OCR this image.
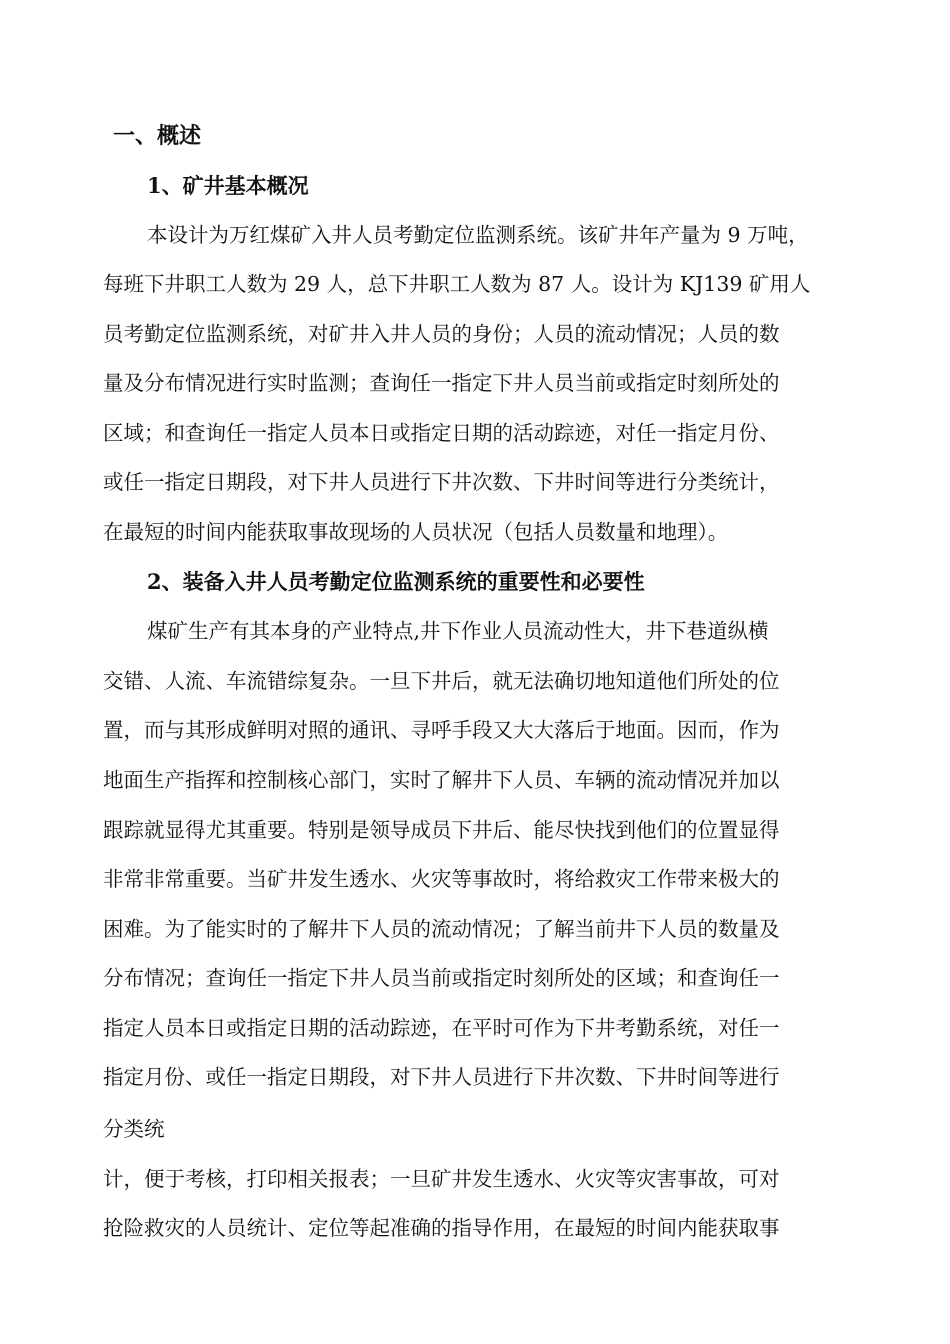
一、概述
1、矿井基本概况
本设计为万红煤矿入井人员考勤定位监测系统。该矿井年产量为 9 万吨，
每班下井职工人数为 29 人，总下井职工人数为 87 人。设计为 KJ139 矿用人
员考勤定位监测系统，对矿井入井人员的身份；人员的流动情况；人员的数
量及分布情况进行实时监测；查询任一指定下井人员当前或指定时刻所处的
区域；和查询任一指定人员本日或指定日期的活动踪迹，对任一指定月份、
或任一指定日期段，对下井人员进行下井次数、下井时间等进行分类统计，
在最短的时间内能获取事故现场的人员状况（包括人员数量和地理）。
2、装备入井人员考勤定位监测系统的重要性和必要性
煤矿生产有其本身的产业特点,井下作业人员流动性大，井下巷道纵横
交错、人流、车流错综复杂。一旦下井后，就无法确切地知道他们所处的位
置，而与其形成鲜明对照的通讯、寻呼手段又大大落后于地面。因而，作为
地面生产指挥和控制核心部门，实时了解井下人员、车辆的流动情况并加以
跟踪就显得尤其重要。特别是领导成员下井后、能尽快找到他们的位置显得
非常非常重要。当矿井发生透水、火灾等事故时，将给救灾工作带来极大的
困难。为了能实时的了解井下人员的流动情况；了解当前井下人员的数量及
分布情况；查询任一指定下井人员当前或指定时刻所处的区域；和查询任一
指定人员本日或指定日期的活动踪迹，在平时可作为下井考勤系统，对任一
指定月份、或任一指定日期段，对下井人员进行下井次数、下井时间等进行
分类统
计，便于考核，打印相关报表；一旦矿井发生透水、火灾等灾害事故，可对
抢险救灾的人员统计、定位等起准确的指导作用，在最短的时间内能获取事
